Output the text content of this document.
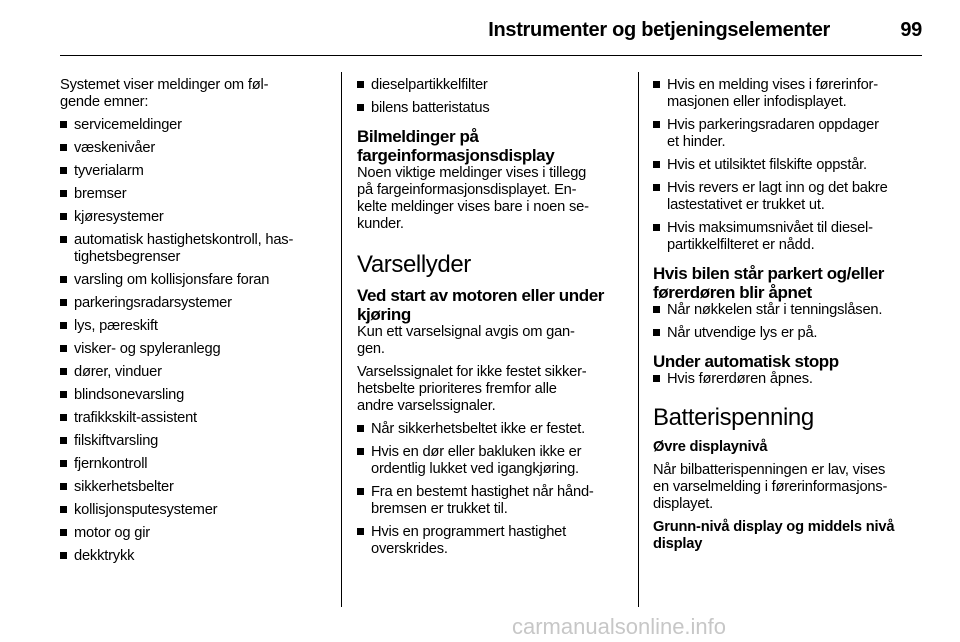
Instrumenter og betjeningselementer	99

Systemet viser meldinger om føl-
gende emner:

servicemeldinger
væskenivåer
tyverialarm
bremser
kjøresystemer
automatisk hastighetskontroll, has-
tighetsbegrenser
varsling om kollisjonsfare foran
parkeringsradarsystemer
lys, pæreskift
visker- og spyleranlegg
dører, vinduer
blindsonevarsling
trafikkskilt-assistent
filskiftvarsling
fjernkontroll
sikkerhetsbelter
kollisjonsputesystemer
motor og gir
dekktrykk
dieselpartikkelfilter
bilens batteristatus
Bilmeldinger på
fargeinformasjonsdisplay

Noen viktige meldinger vises i tillegg
på fargeinformasjonsdisplayet. En-
kelte meldinger vises bare i noen se-
kunder.

Varsellyder
Ved start av motoren eller under
kjøring

Kun ett varselsignal avgis om gan-
gen.

Varselssignalet for ikke festet sikker-
hetsbelte prioriteres fremfor alle
andre varselssignaler.

Når sikkerhetsbeltet ikke er festet.
Hvis en dør eller bakluken ikke er
ordentlig lukket ved igangkjøring.
Fra en bestemt hastighet når hånd-
bremsen er trukket til.
Hvis en programmert hastighet
overskrides.
Hvis en melding vises i førerinfor-
masjonen eller infodisplayet.
Hvis parkeringsradaren oppdager
et hinder.
Hvis et utilsiktet filskifte oppstår.
Hvis revers er lagt inn og det bakre
lastestativet er trukket ut.
Hvis maksimumsnivået til diesel-
partikkelfilteret er nådd.
Hvis bilen står parkert og/eller
førerdøren blir åpnet
Når nøkkelen står i tenningslåsen.
Når utvendige lys er på.
Under automatisk stopp
Hvis førerdøren åpnes.
Batterispenning
Øvre displaynivå

Når bilbatterispenningen er lav, vises
en varselmelding i førerinformasjons-
displayet.

Grunn-nivå display og middels nivå
display
carmanualsonline.info
